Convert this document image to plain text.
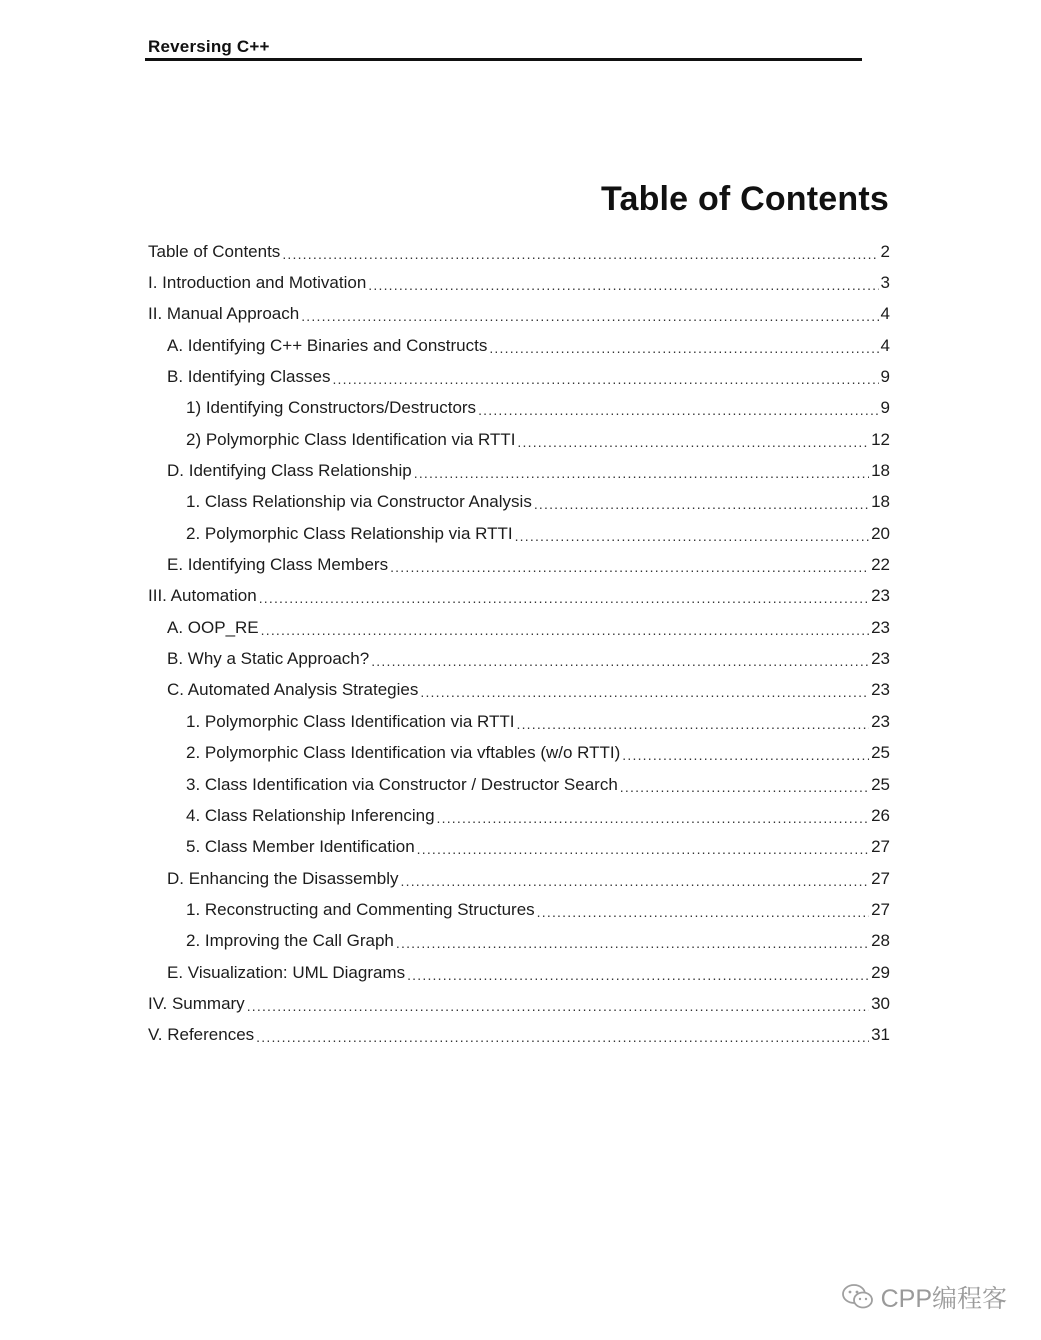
Reversing C++
Table of Contents
Table of Contents .....	2
I. Introduction and Motivation .....	3
II. Manual Approach .....	4
A. Identifying C++ Binaries and Constructs .....	4
B. Identifying Classes .....	9
1) Identifying Constructors/Destructors .....	9
2) Polymorphic Class Identification via RTTI .....	12
D. Identifying Class Relationship .....	18
1. Class Relationship via Constructor Analysis .....	18
2. Polymorphic Class Relationship via RTTI .....	20
E. Identifying Class Members .....	22
III. Automation .....	23
A. OOP_RE .....	23
B. Why a Static Approach? .....	23
C. Automated Analysis Strategies .....	23
1. Polymorphic Class Identification via RTTI .....	23
2. Polymorphic Class Identification via vftables (w/o RTTI) .....	25
3. Class Identification via Constructor / Destructor Search .....	25
4. Class Relationship Inferencing .....	26
5. Class Member Identification .....	27
D. Enhancing the Disassembly .....	27
1. Reconstructing and Commenting Structures .....	27
2. Improving the Call Graph .....	28
E. Visualization: UML Diagrams .....	29
IV. Summary .....	30
V. References .....	31
CPP编程客
